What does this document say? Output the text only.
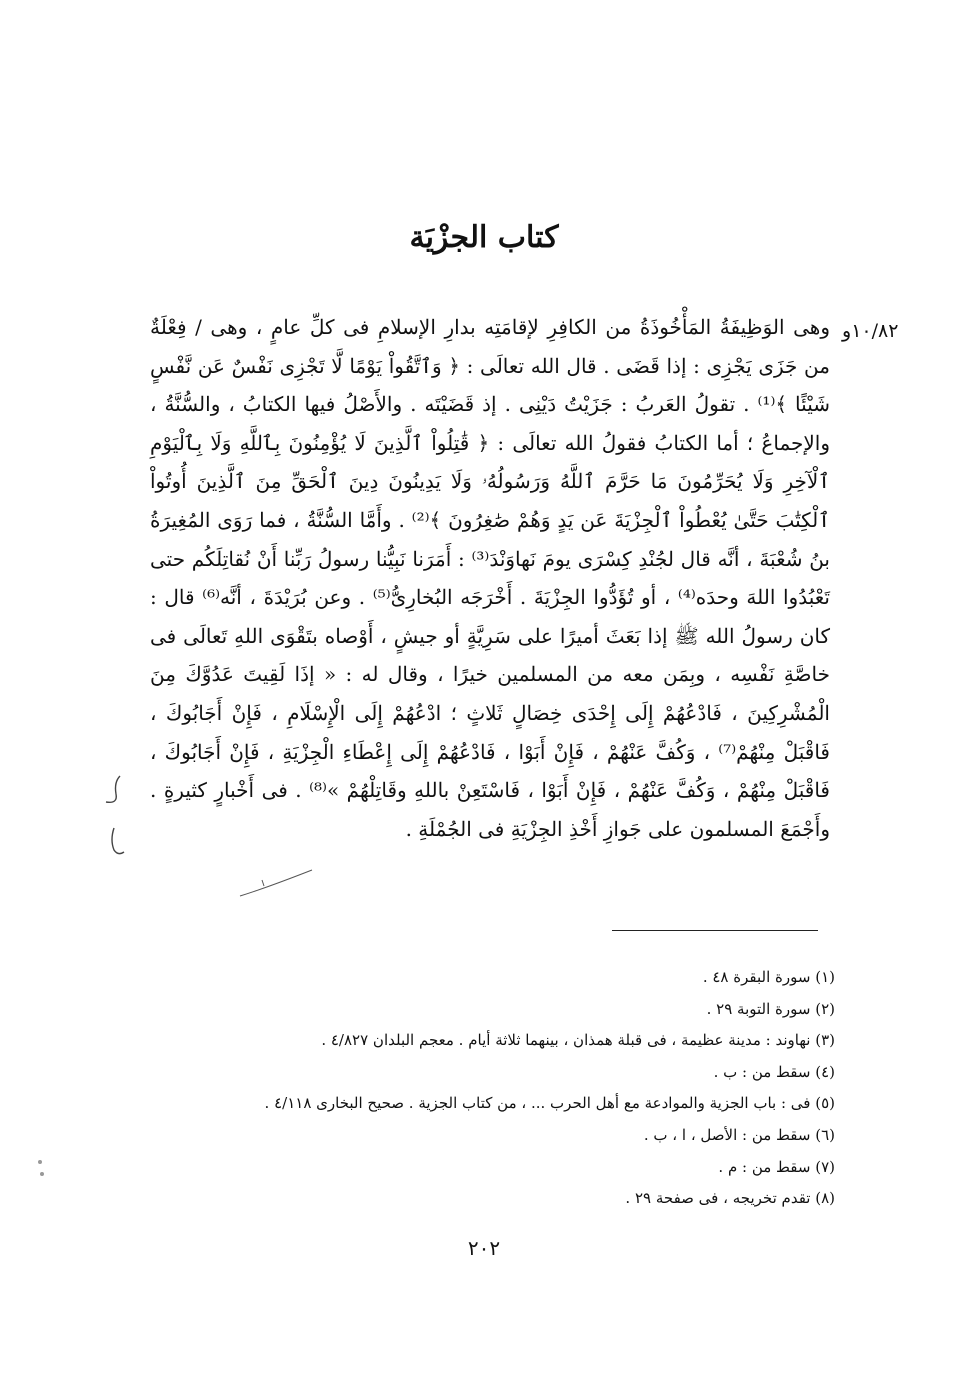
كتاب الجزْيَة
١٠/٨٢و

وهى الوَظِيفَةُ المَأْخُوذَةُ من الكافِرِ لإقامَتِه بدارِ الإسلامِ فى كلِّ عامٍ ، وهى / فِعْلَةٌ من جَزَى يَجْزِى : إذا قَضَى . قال الله تعالَى : ﴿ وَٱتَّقُواْ يَوْمًا لَّا تَجْزِى نَفْسٌ عَن نَّفْسٍ شَيْئًا ﴾⁽¹⁾ . تقولُ العَربُ : جَزَيْتُ دَيْنِى . إذ قَضَيْتَه . والأَصْلُ فيها الكتابُ ، والسُّنَّةُ ، والإجماعُ ؛ أما الكتابُ فقولُ الله تعالَى : ﴿ قَٰتِلُواْ ٱلَّذِينَ لَا يُؤْمِنُونَ بِٱللَّهِ وَلَا بِٱلْيَوْمِ ٱلْآخِرِ وَلَا يُحَرِّمُونَ مَا حَرَّمَ ٱللَّهُ وَرَسُولُهُۥ وَلَا يَدِينُونَ دِينَ ٱلْحَقِّ مِنَ ٱلَّذِينَ أُوتُواْ ٱلْكِتَٰبَ حَتَّىٰ يُعْطُواْ ٱلْجِزْيَةَ عَن يَدٍ وَهُمْ صَٰغِرُونَ ﴾⁽²⁾ . وأَمَّا السُّنَّةُ ، فما رَوَى المُغِيرَةُ بنُ شُعْبَةَ ، أنَّه قال لجُنْدِ كِسْرَى يومَ نَهاوَنْدَ⁽³⁾ : أَمَرَنا نَبِيُّنا رسولُ رَبِّنا أَنْ نُقاتِلَكُم حتى تَعْبُدُوا اللهَ وحدَه⁽⁴⁾ ، أو تُؤَدُّوا الجِزْيَةَ . أَخْرَجَه البُخارِىُّ⁽⁵⁾ . وعن بُرَيْدَةَ ، أنَّه⁽⁶⁾ قال : كان رسولُ الله ﷺ إذا بَعَثَ أميرًا على سَرِيَّةٍ أو جيشٍ ، أَوْصاه بتَقْوَى اللهِ تَعالَى فى خاصَّةِ نَفْسِه ، وبِمَن معه من المسلمين خيرًا ، وقال له : « إذَا لَقِيتَ عَدُوَّكَ مِنَ الْمُشْرِكِينَ ، فَادْعُهُمْ إِلَى إِحْدَى خِصَالٍ ثَلاثٍ ؛ ادْعُهُمْ إِلَى الْإِسْلَامِ ، فَإِنْ أَجَابُوكَ ، فَاقْبَلْ مِنْهُمْ⁽⁷⁾ ، وَكُفَّ عَنْهُمْ ، فَإِنْ أَبَوْا ، فَادْعُهُمْ إِلَى إِعْطَاءِ الْجِزْيَةِ ، فَإِنْ أَجَابُوكَ ، فَاقْبَلْ مِنْهُمْ ، وَكُفَّ عَنْهُمْ ، فَإِنْ أَبَوْا ، فَاسْتَعِنْ باللهِ وقَاتِلْهُمْ »⁽⁸⁾ . فى أَخْبارٍ كثيرةٍ . وأَجْمَعَ المسلمون على جَوازِ أَخْذِ الجِزْيَةِ فى الجُمْلَةِ .

(١) سورة البقرة ٤٨ .
(٢) سورة التوبة ٢٩ .
(٣) نهاوند : مدينة عظيمة ، فى قبلة همذان ، بينهما ثلاثة أيام . معجم البلدان ٤/٨٢٧ .
(٤) سقط من : ب .
(٥) فى : باب الجزية والموادعة مع أهل الحرب ... ، من كتاب الجزية . صحيح البخارى ٤/١١٨ .
(٦) سقط من : الأصل ، ا ، ب .
(٧) سقط من : م .
(٨) تقدم تخريجه ، فى صفحة ٢٩ .
٢٠٢
